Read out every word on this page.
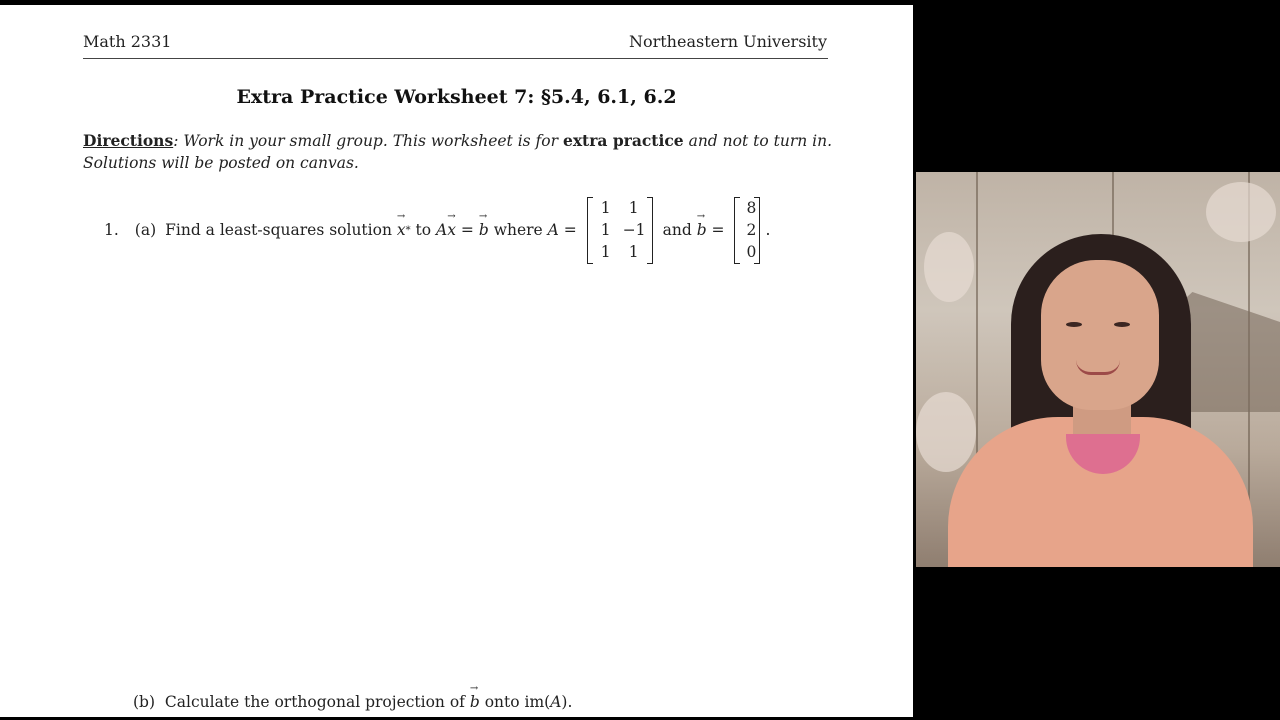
Math 2331	Northeastern University
Extra Practice Worksheet 7: §5.4, 6.1, 6.2
Directions: Work in your small group. This worksheet is for extra practice and not to turn in.
Solutions will be posted on canvas.
1. (a) Find a least-squares solution → x * to A → x = → b where A =
1	1
1 −1
1	1
and → b =
8
2
0
.
(b) Calculate the orthogonal projection of → b onto im(A).
